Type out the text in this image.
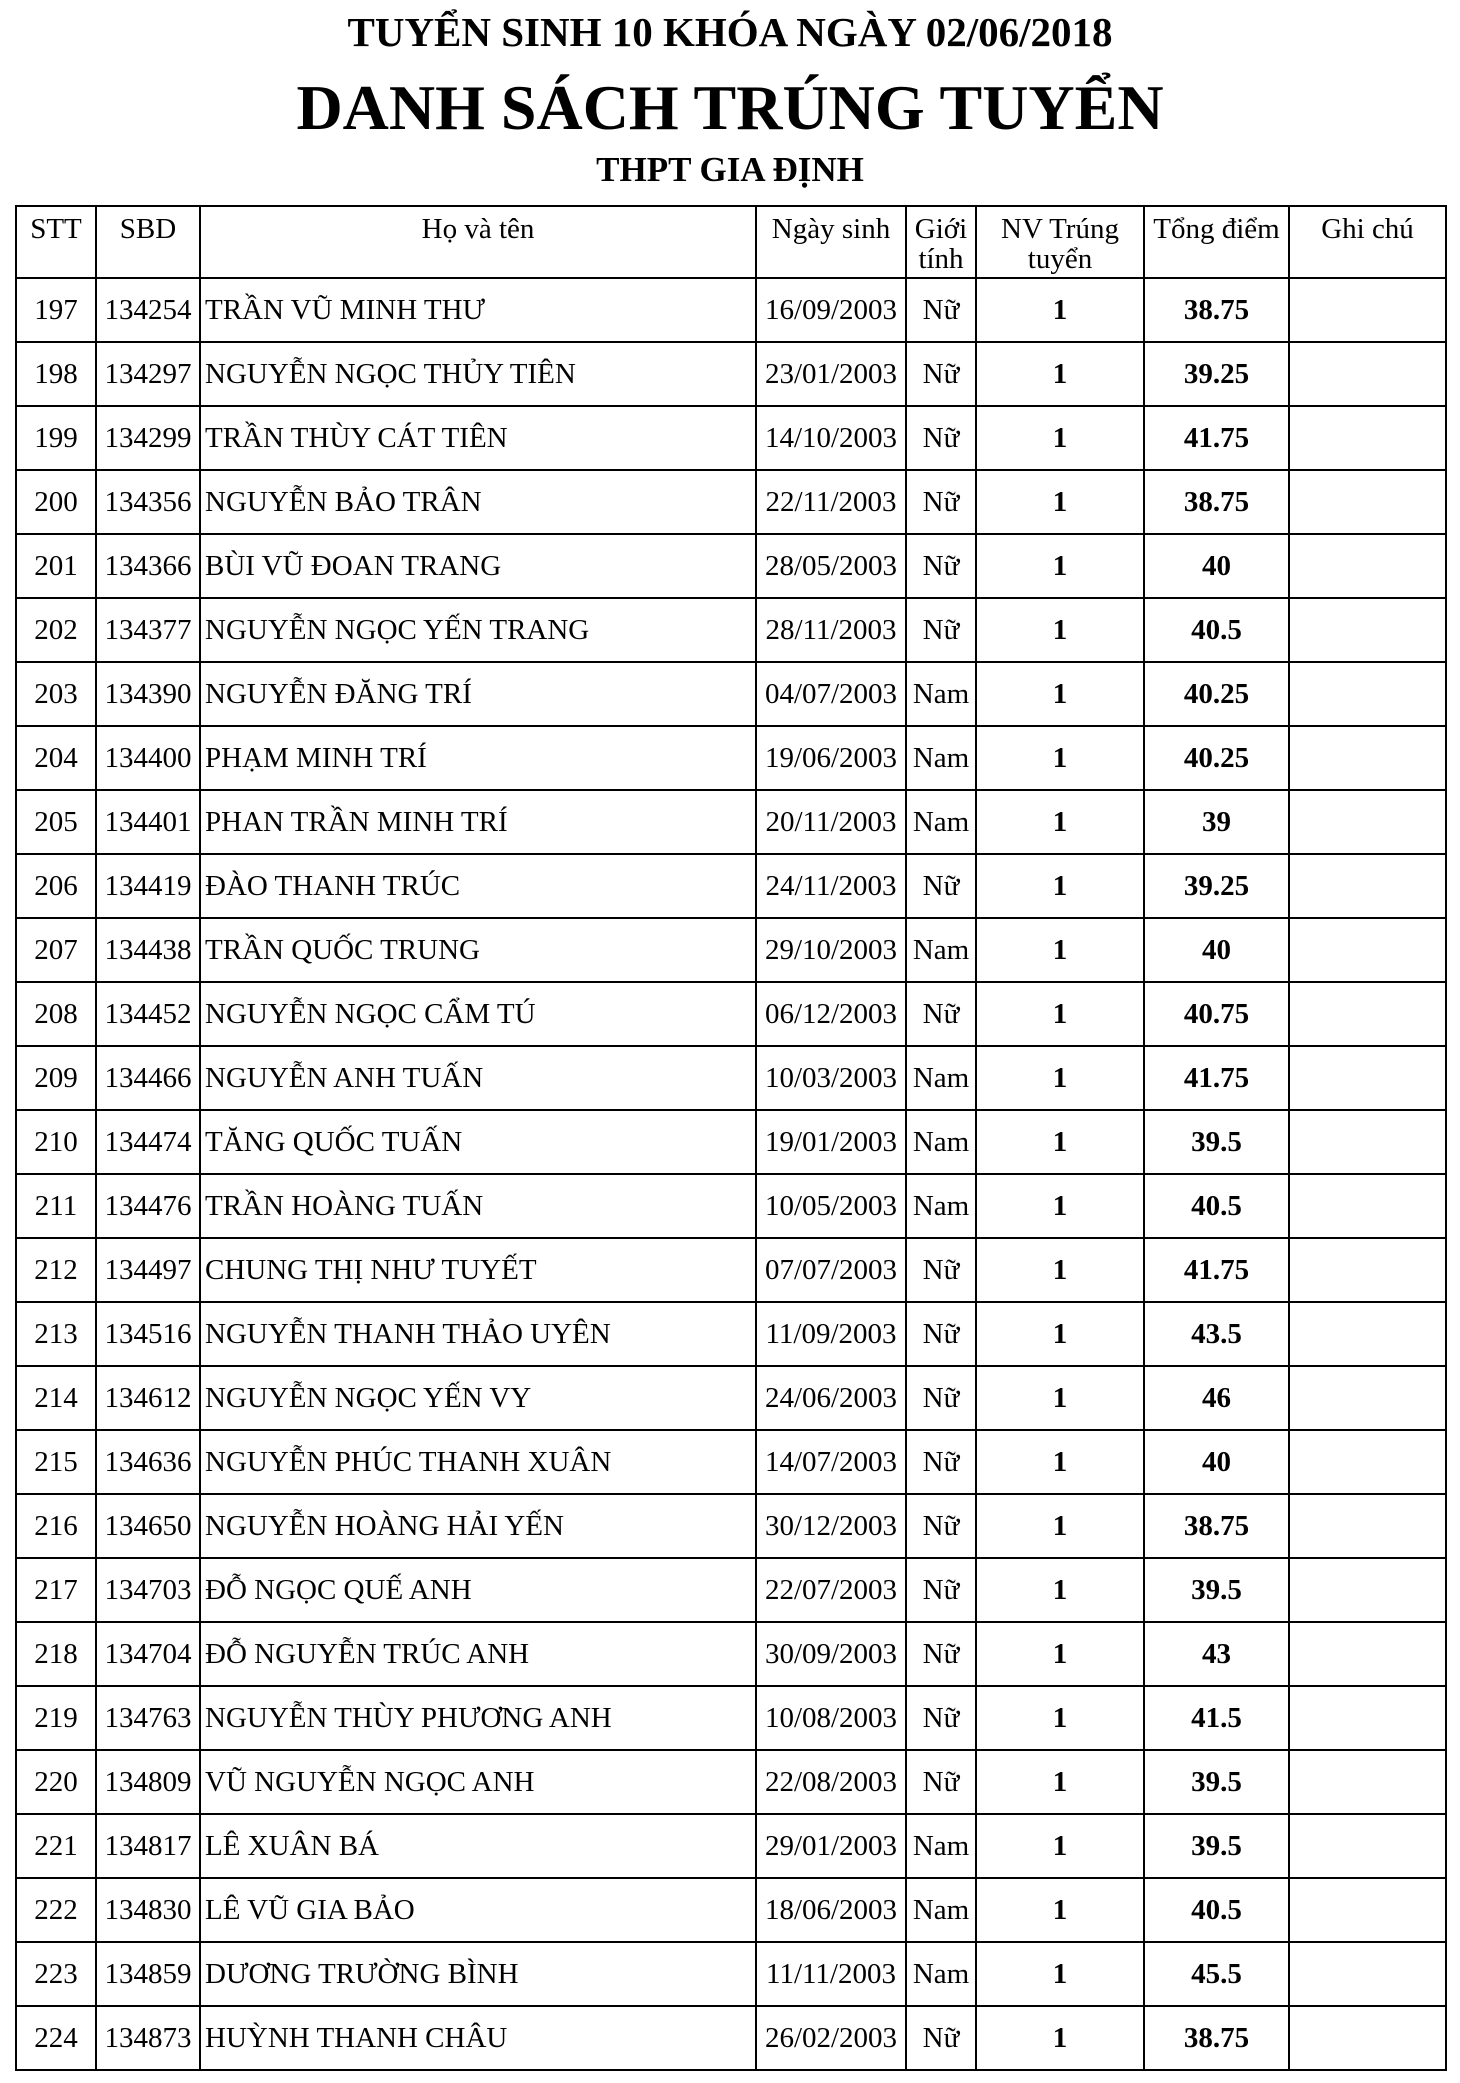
TUYỂN SINH 10 KHÓA NGÀY 02/06/2018
DANH SÁCH TRÚNG TUYỂN
THPT GIA ĐỊNH
STT	SBD	Họ và tên	Ngày sinh	Giới tính	NV Trúng tuyển	Tổng điểm	Ghi chú
197	134254	TRẦN VŨ MINH THƯ	16/09/2003	Nữ	1	38.75	
198	134297	NGUYỄN NGỌC THỦY TIÊN	23/01/2003	Nữ	1	39.25	
199	134299	TRẦN THÙY CÁT TIÊN	14/10/2003	Nữ	1	41.75	
200	134356	NGUYỄN BẢO TRÂN	22/11/2003	Nữ	1	38.75	
201	134366	BÙI VŨ ĐOAN TRANG	28/05/2003	Nữ	1	40	
202	134377	NGUYỄN NGỌC YẾN TRANG	28/11/2003	Nữ	1	40.5	
203	134390	NGUYỄN ĐĂNG TRÍ	04/07/2003	Nam	1	40.25	
204	134400	PHẠM MINH TRÍ	19/06/2003	Nam	1	40.25	
205	134401	PHAN TRẦN MINH TRÍ	20/11/2003	Nam	1	39	
206	134419	ĐÀO THANH TRÚC	24/11/2003	Nữ	1	39.25	
207	134438	TRẦN QUỐC TRUNG	29/10/2003	Nam	1	40	
208	134452	NGUYỄN NGỌC CẨM TÚ	06/12/2003	Nữ	1	40.75	
209	134466	NGUYỄN ANH TUẤN	10/03/2003	Nam	1	41.75	
210	134474	TĂNG QUỐC TUẤN	19/01/2003	Nam	1	39.5	
211	134476	TRẦN HOÀNG TUẤN	10/05/2003	Nam	1	40.5	
212	134497	CHUNG THỊ NHƯ TUYẾT	07/07/2003	Nữ	1	41.75	
213	134516	NGUYỄN THANH THẢO UYÊN	11/09/2003	Nữ	1	43.5	
214	134612	NGUYỄN NGỌC YẾN VY	24/06/2003	Nữ	1	46	
215	134636	NGUYỄN PHÚC THANH XUÂN	14/07/2003	Nữ	1	40	
216	134650	NGUYỄN HOÀNG HẢI YẾN	30/12/2003	Nữ	1	38.75	
217	134703	ĐỖ NGỌC QUẾ ANH	22/07/2003	Nữ	1	39.5	
218	134704	ĐỖ NGUYỄN TRÚC ANH	30/09/2003	Nữ	1	43	
219	134763	NGUYỄN THÙY PHƯƠNG ANH	10/08/2003	Nữ	1	41.5	
220	134809	VŨ NGUYỄN NGỌC ANH	22/08/2003	Nữ	1	39.5	
221	134817	LÊ XUÂN BÁ	29/01/2003	Nam	1	39.5	
222	134830	LÊ VŨ GIA BẢO	18/06/2003	Nam	1	40.5	
223	134859	DƯƠNG TRƯỜNG BÌNH	11/11/2003	Nam	1	45.5	
224	134873	HUỲNH THANH CHÂU	26/02/2003	Nữ	1	38.75	
